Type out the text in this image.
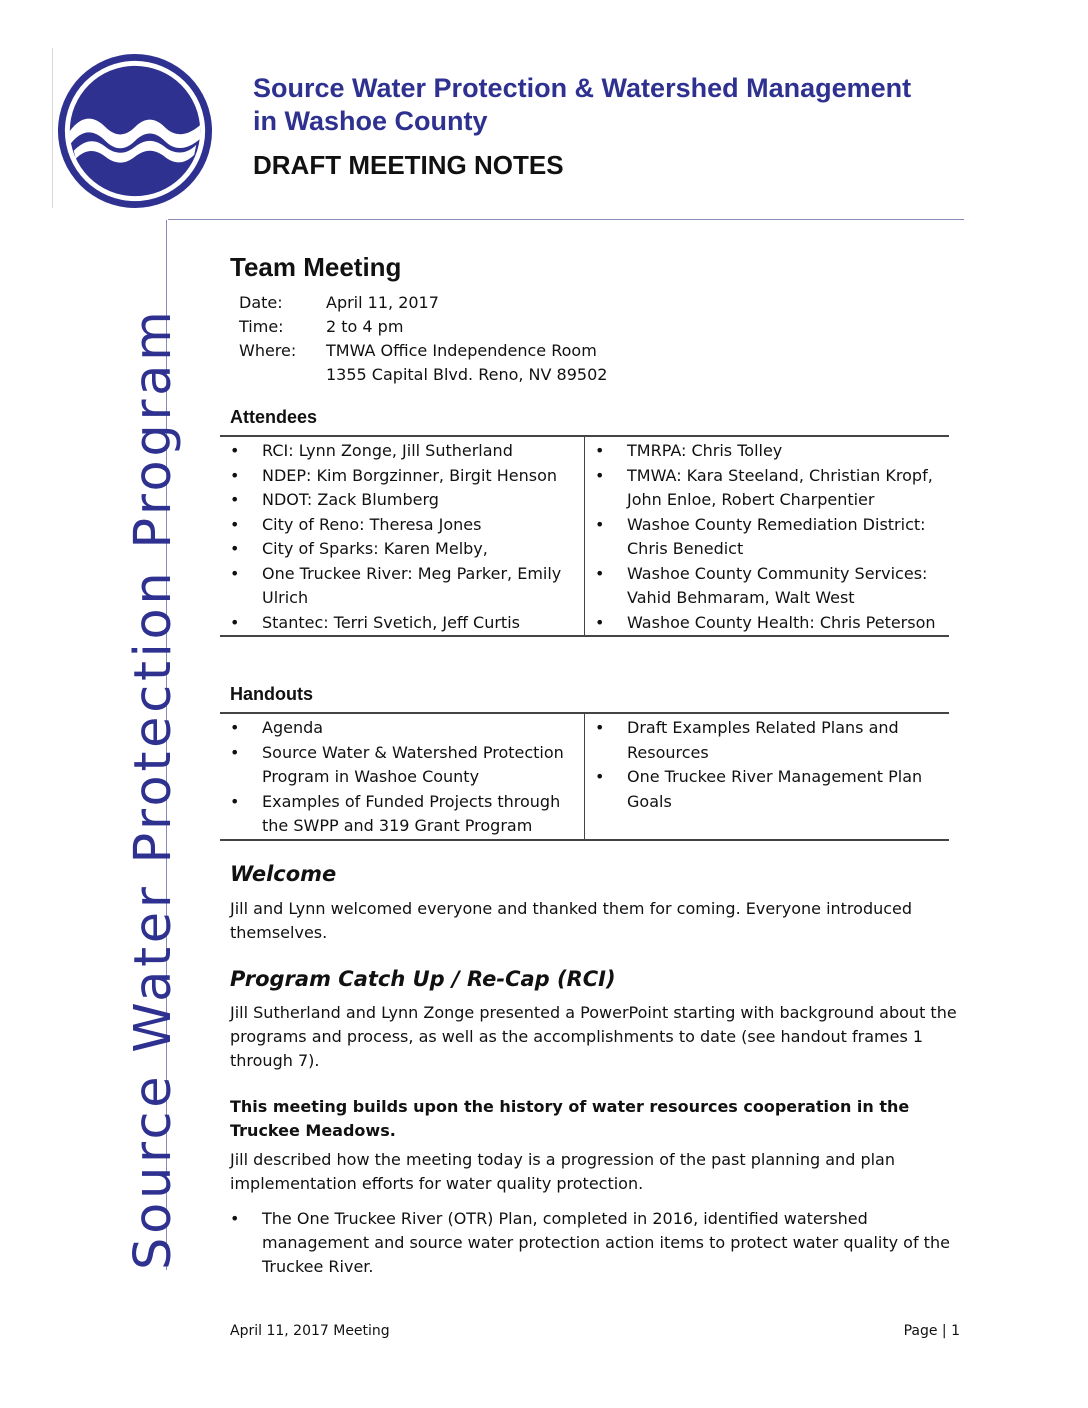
Source Water Protection & Watershed Management
in Washoe County
DRAFT MEETING NOTES
Source Water Protection Program
Team Meeting
Date:	April 11, 2017
Time:	2 to 4 pm
Where:	TMWA Office Independence Room
1355 Capital Blvd. Reno, NV 89502
Attendees
• RCI: Lynn Zonge, Jill Sutherland
• NDEP: Kim Borgzinner, Birgit Henson
• NDOT: Zack Blumberg
• City of Reno: Theresa Jones
• City of Sparks: Karen Melby,
• One Truckee River: Meg Parker, Emily Ulrich
• Stantec: Terri Svetich, Jeff Curtis

• TMRPA: Chris Tolley
• TMWA: Kara Steeland, Christian Kropf, John Enloe, Robert Charpentier
• Washoe County Remediation District: Chris Benedict
• Washoe County Community Services: Vahid Behmaram, Walt West
• Washoe County Health: Chris Peterson
Handouts
• Agenda
• Source Water & Watershed Protection Program in Washoe County
• Examples of Funded Projects through the SWPP and 319 Grant Program

• Draft Examples Related Plans and Resources
• One Truckee River Management Plan Goals
Welcome
Jill and Lynn welcomed everyone and thanked them for coming. Everyone introduced themselves.
Program Catch Up / Re-Cap (RCI)
Jill Sutherland and Lynn Zonge presented a PowerPoint starting with background about the programs and process, as well as the accomplishments to date (see handout frames 1 through 7).
This meeting builds upon the history of water resources cooperation in the Truckee Meadows.
Jill described how the meeting today is a progression of the past planning and plan implementation efforts for water quality protection.
• The One Truckee River (OTR) Plan, completed in 2016, identified watershed management and source water protection action items to protect water quality of the Truckee River.
April 11, 2017 Meeting	Page | 1
